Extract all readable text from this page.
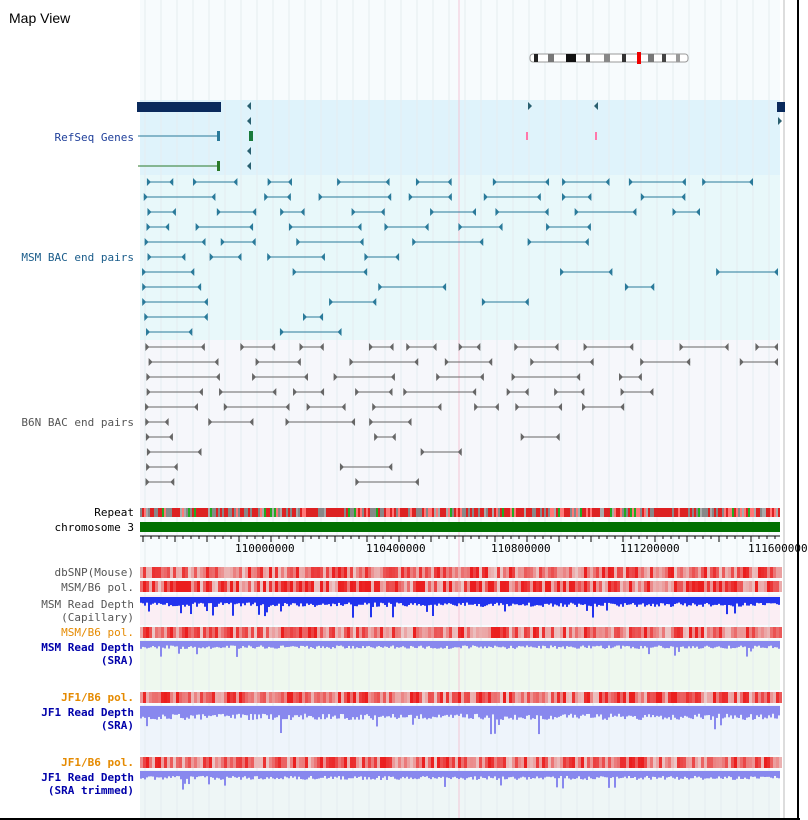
Map View
RefSeq Genes
MSM BAC end pairs
B6N BAC end pairs
Repeat
chromosome 3
dbSNP(Mouse)
MSM/B6 pol.
MSM Read Depth
(Capillary)
MSM/B6 pol.
MSM Read Depth
(SRA)
JF1/B6 pol.
JF1 Read Depth
(SRA)
JF1/B6 pol.
JF1 Read Depth
(SRA trimmed)
110000000	110400000	110800000	111200000	111600000
